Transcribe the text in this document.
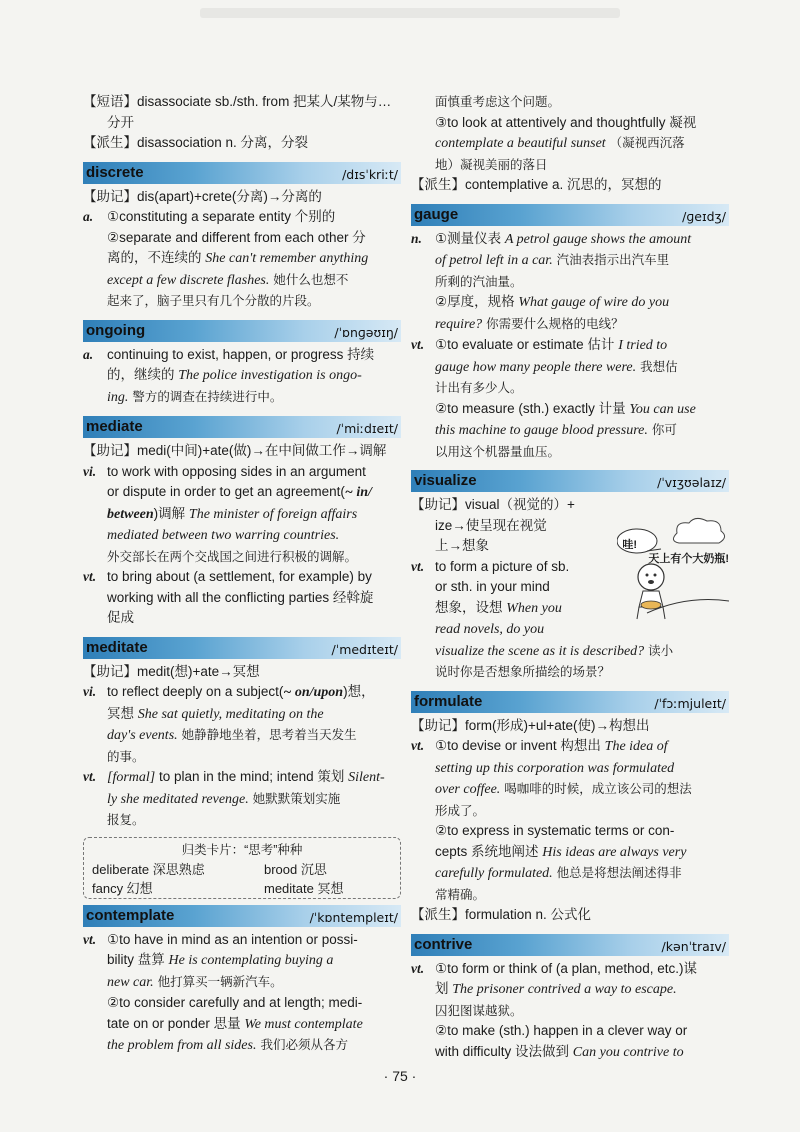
【短语】disassociate sb./sth. from 把某人/某物与…
分开
【派生】disassociation n. 分离，分裂
discrete	/dɪsˈkriːt/
【助记】dis(apart)+crete(分离)→分离的
a. ①constituting a separate entity 个别的
②separate and different from each other 分
离的，不连续的 She can't remember anything
except a few discrete flashes. 她什么也想不
起来了，脑子里只有几个分散的片段。
ongoing	/ˈɒnɡəʊɪŋ/
a. continuing to exist, happen, or progress 持续
的，继续的 The police investigation is ongo-
ing. 警方的调查在持续进行中。
mediate	/ˈmiːdɪeɪt/
【助记】medi(中间)+ate(做)→在中间做工作→调解
vi. to work with opposing sides in an argument
or dispute in order to get an agreement(~ in/
between)调解 The minister of foreign affairs
mediated between two warring countries.
外交部长在两个交战国之间进行积极的调解。
vt. to bring about (a settlement, for example) by
working with all the conflicting parties 经斡旋
促成
meditate	/ˈmedɪteɪt/
【助记】medit(想)+ate→冥想
vi. to reflect deeply on a subject(~ on/upon)想，
冥想 She sat quietly, meditating on the
day's events. 她静静地坐着，思考着当天发生
的事。
vt. [formal] to plan in the mind; intend 策划 Silent-
ly she meditated revenge. 她默默策划实施
报复。
归类卡片：“思考”种种
deliberate 深思熟虑	brood 沉思
fancy 幻想	meditate 冥想
contemplate	/ˈkɒntempleɪt/
vt. ①to have in mind as an intention or possi-
bility 盘算 He is contemplating buying a
new car. 他打算买一辆新汽车。
②to consider carefully and at length; medi-
tate on or ponder 思量 We must contemplate
the problem from all sides. 我们必须从各方
面慎重考虑这个问题。
③to look at attentively and thoughtfully 凝视
contemplate a beautiful sunset （凝视西沉落
地）凝视美丽的落日
【派生】contemplative a. 沉思的，冥想的
gauge	/ɡeɪdʒ/
n. ①测量仪表 A petrol gauge shows the amount
of petrol left in a car. 汽油表指示出汽车里
所剩的汽油量。
②厚度，规格 What gauge of wire do you
require? 你需要什么规格的电线？
vt. ①to evaluate or estimate 估计 I tried to
gauge how many people there were. 我想估
计出有多少人。
②to measure (sth.) exactly 计量 You can use
this machine to gauge blood pressure. 你可
以用这个机器量血压。
visualize	/ˈvɪʒʊəlaɪz/
哇!
天上有个大奶瓶!
【助记】visual（视觉的）+
ize→使呈现在视觉
上→想象
vt. to form a picture of sb.
or sth. in your mind
想象，设想 When you
read novels, do you
visualize the scene as it is described? 读小
说时你是否想象所描绘的场景？
formulate	/ˈfɔːmjuleɪt/
【助记】form(形成)+ul+ate(使)→构想出
vt. ①to devise or invent 构想出 The idea of
setting up this corporation was formulated
over coffee. 喝咖啡的时候，成立该公司的想法
形成了。
②to express in systematic terms or con-
cepts 系统地阐述 His ideas are always very
carefully formulated. 他总是将想法阐述得非
常精确。
【派生】formulation n. 公式化
contrive	/kənˈtraɪv/
vt. ①to form or think of (a plan, method, etc.)谋
划 The prisoner contrived a way to escape.
囚犯图谋越狱。
②to make (sth.) happen in a clever way or
with difficulty 设法做到 Can you contrive to
· 75 ·
